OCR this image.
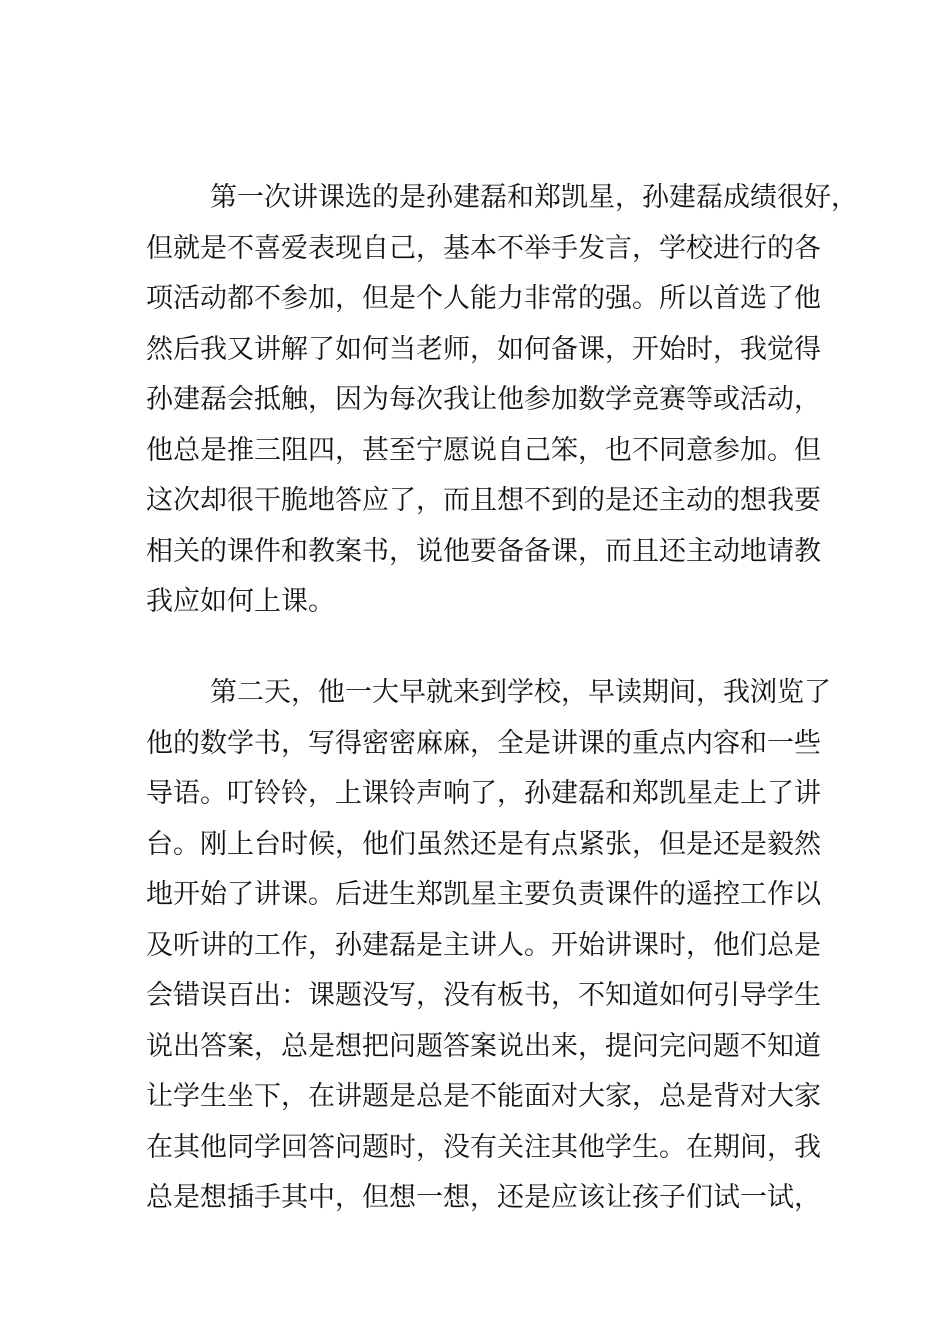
第一次讲课选的是孙建磊和郑凯星，孙建磊成绩很好，

但就是不喜爱表现自己，基本不举手发言，学校进行的各

项活动都不参加，但是个人能力非常的强。所以首选了他

然后我又讲解了如何当老师，如何备课，开始时，我觉得

孙建磊会抵触，因为每次我让他参加数学竞赛等或活动，

他总是推三阻四，甚至宁愿说自己笨，也不同意参加。但

这次却很干脆地答应了，而且想不到的是还主动的想我要

相关的课件和教案书，说他要备备课，而且还主动地请教

我应如何上课。

第二天，他一大早就来到学校，早读期间，我浏览了

他的数学书，写得密密麻麻，全是讲课的重点内容和一些

导语。叮铃铃，上课铃声响了，孙建磊和郑凯星走上了讲

台。刚上台时候，他们虽然还是有点紧张，但是还是毅然

地开始了讲课。后进生郑凯星主要负责课件的遥控工作以

及听讲的工作，孙建磊是主讲人。开始讲课时，他们总是

会错误百出：课题没写，没有板书，不知道如何引导学生

说出答案，总是想把问题答案说出来，提问完问题不知道

让学生坐下，在讲题是总是不能面对大家，总是背对大家

在其他同学回答问题时，没有关注其他学生。在期间，我

总是想插手其中，但想一想，还是应该让孩子们试一试，
